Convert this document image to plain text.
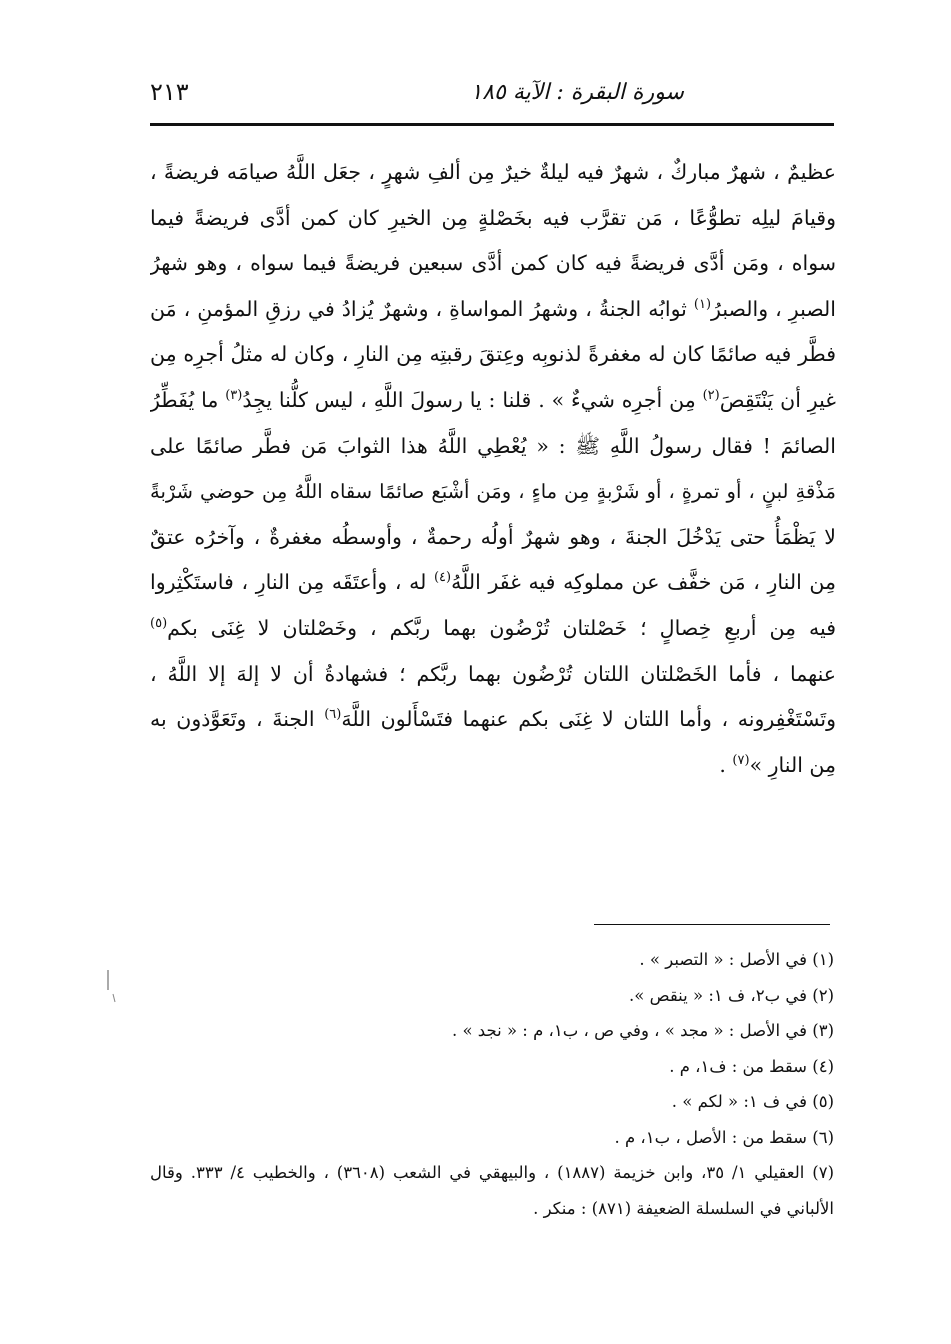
سورة البقرة : الآية ١٨٥
٢١٣
عظيمٌ ، شهرٌ مباركٌ ، شهرٌ فيه ليلةٌ خيرٌ مِن ألفِ شهرٍ ، جعَل اللَّهُ صيامَه فريضةً ،
وقيامَ ليلِه تطوُّعًا ، مَن تقرَّب فيه بخَصْلةٍ مِن الخيرِ كان كمن أدَّى فريضةً فيما
سواه ، ومَن أدَّى فريضةً فيه كان كمن أدَّى سبعين فريضةً فيما سواه ، وهو شهرُ
الصبرِ ، والصبرُ$^{(١)}$ ثوابُه الجنةُ ، وشهرُ المواساةِ ، وشهرٌ يُزادُ في رزقِ المؤمنِ ، مَن
فطَّر فيه صائمًا كان له مغفرةً لذنوبِه وعِتقَ رقبتِه مِن النارِ ، وكان له مثلُ أجرِه مِن
غيرِ أن يَنْتَقِصَ$^{(٢)}$ مِن أجرِه شيءٌ » . قلنا : يا رسولَ اللَّهِ ، ليس كلُّنا يجِدُ$^{(٣)}$ ما يُفَطِّرُ
الصائمَ ! فقال رسولُ اللَّهِ ﷺ : « يُعْطِي اللَّهُ هذا الثوابَ مَن فطَّر صائمًا على
مَذْقةِ لبنٍ ، أو تمرةٍ ، أو شَرْبةٍ مِن ماءٍ ، ومَن أشْبَع صائمًا سقاه اللَّهُ مِن حوضي شَرْبةً
لا يَظْمَأُ حتى يَدْخُلَ الجنةَ ، وهو شهرٌ أولُه رحمةٌ ، وأوسطُه مغفرةٌ ، وآخرُه عتقٌ
مِن النارِ ، مَن خفَّف عن مملوكِه فيه غفَر اللَّهُ$^{(٤)}$ له ، وأعتَقَه مِن النارِ ، فاستَكْثِروا
فيه مِن أربعِ خِصالٍ ؛ خَصْلتان تُرْضُون بهما ربَّكم ، وخَصْلتان لا غِنَى بكم$^{(٥)}$
عنهما ، فأما الخَصْلتان اللتان تُرْضُون بهما ربَّكم ؛ فشهادةُ أن لا إلهَ إلا اللَّهُ ،
وتَسْتَغْفِرونه ، وأما اللتان لا غِنَى بكم عنهما فتَسْأَلون اللَّهَ$^{(٦)}$ الجنةَ ، وتَعَوَّذون به
مِن النارِ »$^{(٧)}$ .
(١) في الأصل : « التصبر » .
(٢) في ب٢، ف ١: « ينقص ».
(٣) في الأصل : « مجد » ، وفي ص ، ب١، م : « نجد » .
(٤) سقط من : ف١، م .
(٥) في ف ١: « لكم » .
(٦) سقط من : الأصل ، ب١، م .
(٧) العقيلي ١/ ٣٥، وابن خزيمة (١٨٨٧) ، والبيهقي في الشعب (٣٦٠٨) ، والخطيب ٤/ ٣٣٣. وقال
الألباني في السلسلة الضعيفة (٨٧١) : منكر .
